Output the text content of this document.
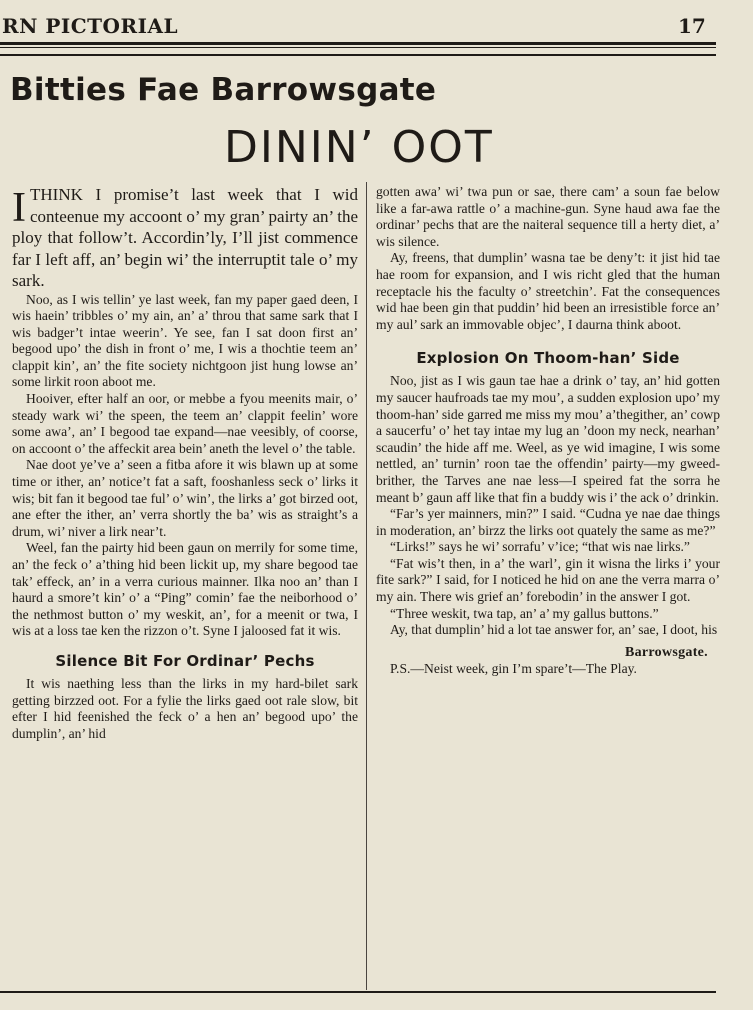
RN PICTORIAL	17
Bitties Fae Barrowsgate
DININ’ OOT

ITHINK I promise’t last week that I wid conteenue my accoont o’ my gran’ pairty an’ the ploy that follow’t. Accordin’ly, I’ll jist commence far I left aff, an’ begin wi’ the interruptit tale o’ my sark.

Noo, as I wis tellin’ ye last week, fan my paper gaed deen, I wis haein’ tribbles o’ my ain, an’ a’ throu that same sark that I wis badger’t intae weerin’. Ye see, fan I sat doon first an’ begood upo’ the dish in front o’ me, I wis a thochtie teem an’ clappit kin’, an’ the fite society nichtgoon jist hung lowse an’ some lirkit roon aboot me.

Hooiver, efter half an oor, or mebbe a fyou meenits mair, o’ steady wark wi’ the speen, the teem an’ clappit feelin’ wore some awa’, an’ I begood tae expand—nae veesibly, of coorse, on accoont o’ the affeckit area bein’ aneth the level o’ the table.

Nae doot ye’ve a’ seen a fitba afore it wis blawn up at some time or ither, an’ notice’t fat a saft, fooshanless seck o’ lirks it wis; bit fan it begood tae ful’ o’ win’, the lirks a’ got birzed oot, ane efter the ither, an’ verra shortly the ba’ wis as straight’s a drum, wi’ niver a lirk near’t.

Weel, fan the pairty hid been gaun on merrily for some time, an’ the feck o’ a’thing hid been lickit up, my share begood tae tak’ effeck, an’ in a verra curious mainner. Ilka noo an’ than I haurd a smore’t kin’ o’ a “Ping” comin’ fae the neiborhood o’ the nethmost button o’ my weskit, an’, for a meenit or twa, I wis at a loss tae ken the rizzon o’t. Syne I jaloosed fat it wis.

Silence Bit For Ordinar’ Pechs

It wis naething less than the lirks in my hard-bilet sark getting birzzed oot. For a fylie the lirks gaed oot rale slow, bit efter I hid feenished the feck o’ a hen an’ begood upo’ the dumplin’, an’ hid

gotten awa’ wi’ twa pun or sae, there cam’ a soun fae below like a far-awa rattle o’ a machine-gun. Syne haud awa fae the ordinar’ pechs that are the naiteral sequence till a herty diet, a’ wis silence.

Ay, freens, that dumplin’ wasna tae be deny’t: it jist hid tae hae room for expansion, and I wis richt gled that the human receptacle his the faculty o’ streetchin’. Fat the consequences wid hae been gin that puddin’ hid been an irresistible force an’ my aul’ sark an immovable objec’, I daurna think aboot.

Explosion On Thoom-han’ Side

Noo, jist as I wis gaun tae hae a drink o’ tay, an’ hid gotten my saucer haufroads tae my mou’, a sudden explosion upo’ my thoom-han’ side garred me miss my mou’ a’thegither, an’ cowp a saucerfu’ o’ het tay intae my lug an ’doon my neck, nearhan’ scaudin’ the hide aff me. Weel, as ye wid imagine, I wis some nettled, an’ turnin’ roon tae the offendin’ pairty—my gweed-brither, the Tarves ane nae less—I speired fat the sorra he meant b’ gaun aff like that fin a buddy wis i’ the ack o’ drinkin.

“Far’s yer mainners, min?” I said. “Cudna ye nae dae things in moderation, an’ birzz the lirks oot quately the same as me?”

“Lirks!” says he wi’ sorrafu’ v’ice; “that wis nae lirks.”

“Fat wis’t then, in a’ the warl’, gin it wisna the lirks i’ your fite sark?” I said, for I noticed he hid on ane the verra marra o’ my ain. There wis grief an’ forebodin’ in the answer I got.

“Three weskit, twa tap, an’ a’ my gallus buttons.”

Ay, that dumplin’ hid a lot tae answer for, an’ sae, I doot, his

Barrowsgate.

P.S.—Neist week, gin I’m spare’t—The Play.
